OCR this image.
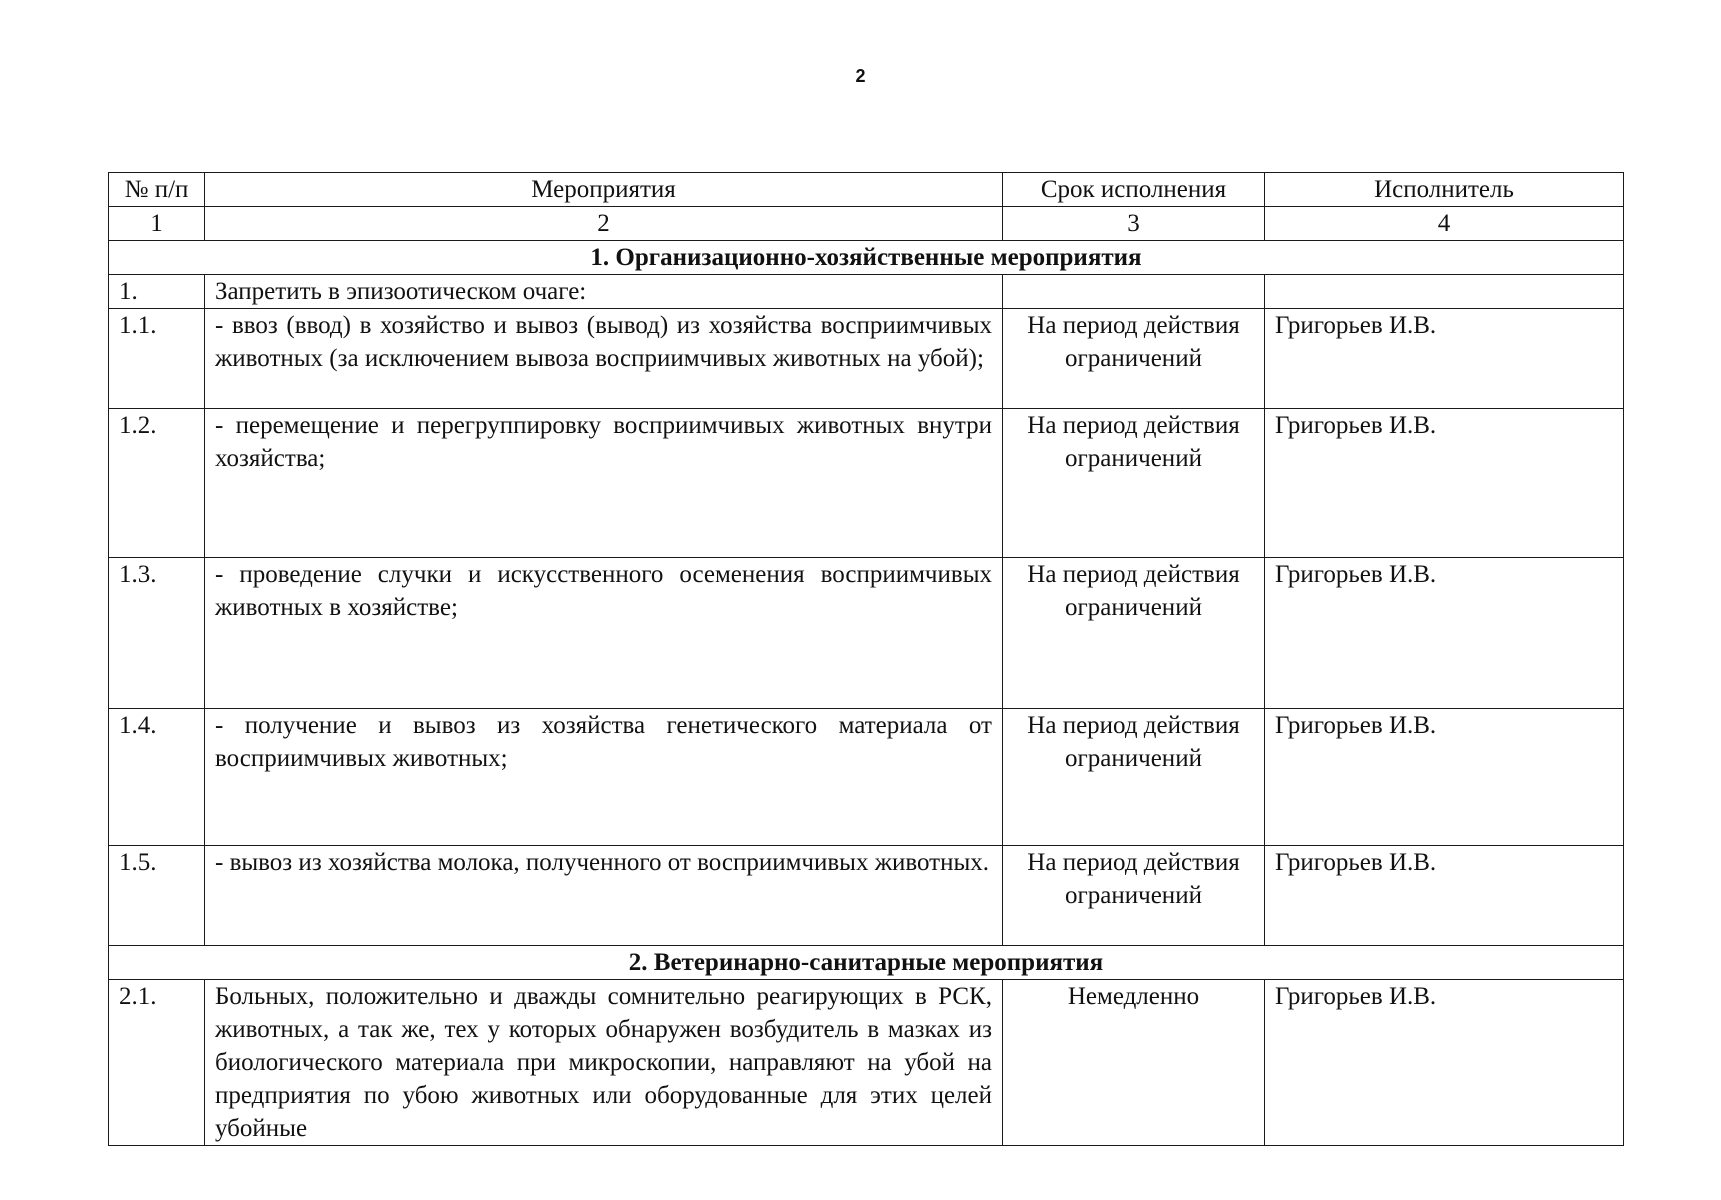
2
№ п/п	Мероприятия	Срок исполнения	Исполнитель
1	2	3	4
1. Организационно-хозяйственные мероприятия			
1.	Запретить в эпизоотическом очаге:		
1.1.	- ввоз (ввод) в хозяйство и вывоз (вывод) из хозяйства восприимчивых животных (за исключением вывоза восприимчивых животных на убой);	На период действия ограничений	Григорьев И.В.
1.2.	- перемещение и перегруппировку восприимчивых животных внутри хозяйства;	На период действия ограничений	Григорьев И.В.
1.3.	- проведение случки и искусственного осеменения восприимчивых животных в хозяйстве;	На период действия ограничений	Григорьев И.В.
1.4.	- получение и вывоз из хозяйства генетического материала от восприимчивых животных;	На период действия ограничений	Григорьев И.В.
1.5.	- вывоз из хозяйства молока, полученного от восприимчивых животных.	На период действия ограничений	Григорьев И.В.
2. Ветеринарно-санитарные мероприятия			
2.1.	Больных, положительно и дважды сомнительно реагирующих в РСК, животных, а так же, тех у которых обнаружен возбудитель в мазках из биологического материала при микроскопии, направляют на убой на предприятия по убою животных или оборудованные для этих целей убойные	Немедленно	Григорьев И.В.
